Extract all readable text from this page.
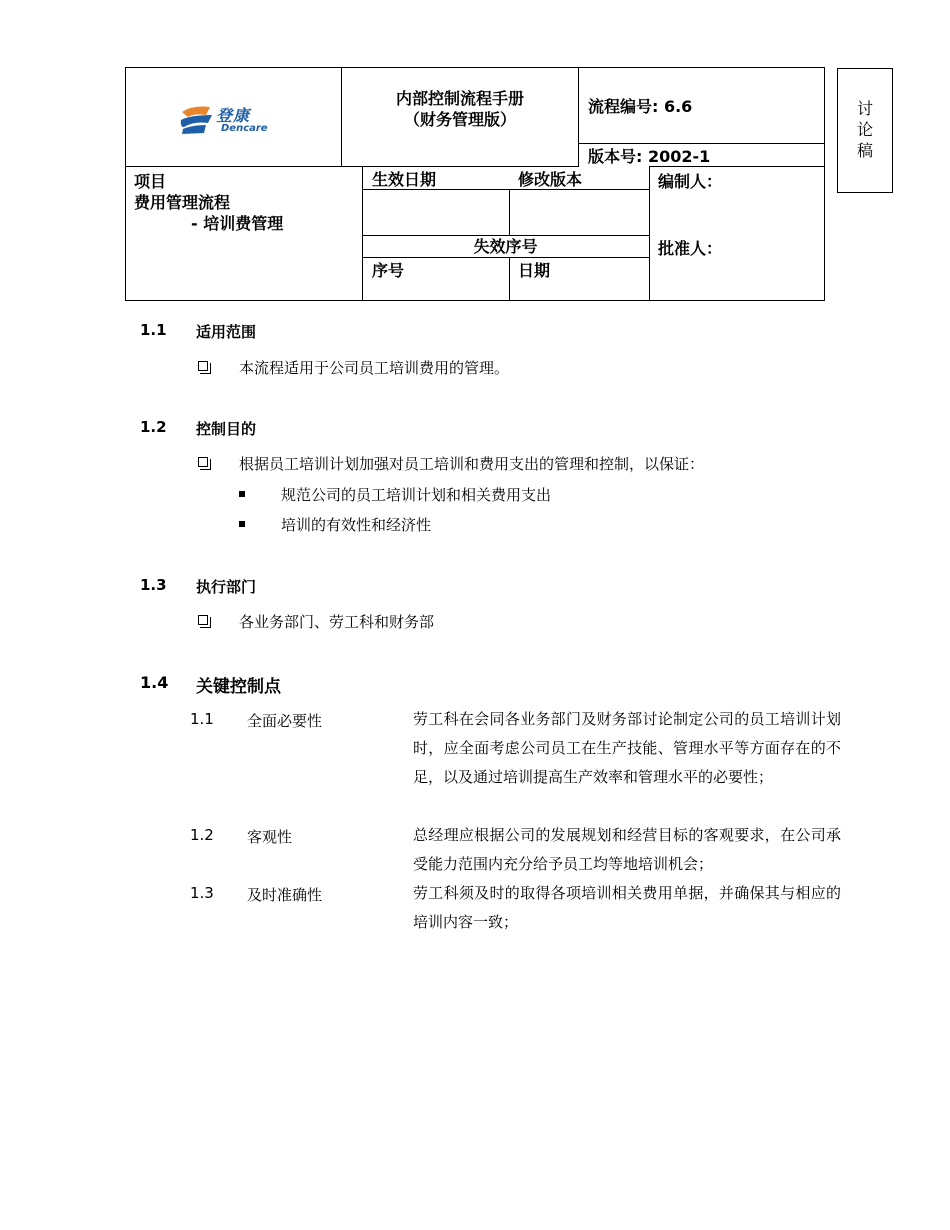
登康
Dencare
内部控制流程手册
（财务管理版）
流程编号: 6.6
版本号: 2002-1
项目
费用管理流程
- 培训费管理
生效日期	修改版本
失效序号
序号	日期
编制人：
批准人：
讨
论
稿
1.1 适用范围
本流程适用于公司员工培训费用的管理。
1.2 控制目的
根据员工培训计划加强对员工培训和费用支出的管理和控制，以保证：
规范公司的员工培训计划和相关费用支出
培训的有效性和经济性
1.3 执行部门
各业务部门、劳工科和财务部
1.4 关键控制点
1.1 全面必要性	劳工科在会同各业务部门及财务部讨论制定公司的员工培训计划时，应全面考虑公司员工在生产技能、管理水平等方面存在的不足，以及通过培训提高生产效率和管理水平的必要性；
1.2 客观性	总经理应根据公司的发展规划和经营目标的客观要求，在公司承受能力范围内充分给予员工均等地培训机会；
1.3 及时准确性	劳工科须及时的取得各项培训相关费用单据，并确保其与相应的培训内容一致；
